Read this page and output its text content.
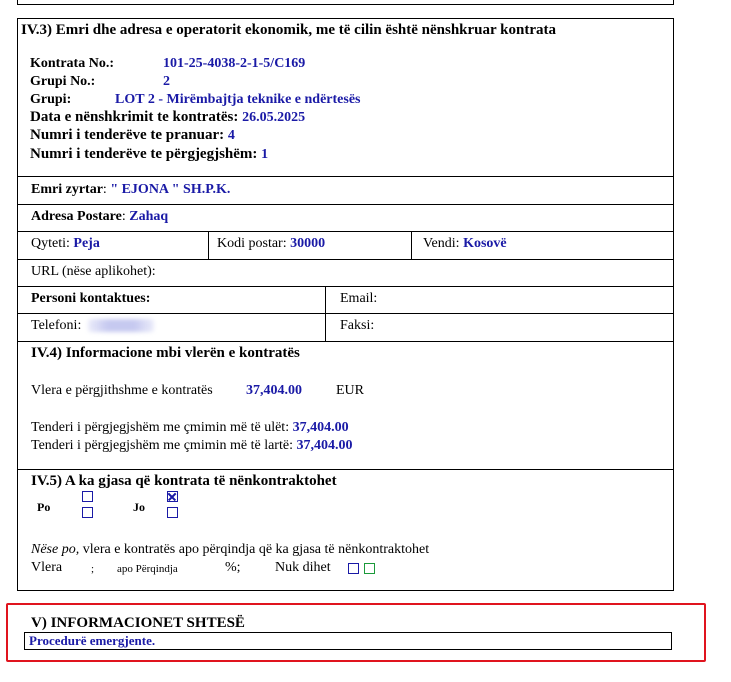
IV.3) Emri dhe adresa e operatorit ekonomik, me të cilin është nënshkruar kontrata
Kontrata No.:	101-25-4038-2-1-5/C169
Grupi No.:	2
Grupi:	LOT 2 - Mirëmbajtja teknike e ndërtesës
Data e nënshkrimit te kontratës: 26.05.2025
Numri i tenderëve te pranuar: 4
Numri i tenderëve te përgjegjshëm: 1
Emri zyrtar: " EJONA " SH.P.K.
Adresa Postare: Zahaq
Qyteti: Peja	Kodi postar: 30000	Vendi: Kosovë
URL (nëse aplikohet):
Personi kontaktues:	Email:
Telefoni:	Faksi:
IV.4) Informacione mbi vlerën e kontratës
Vlera e përgjithshme e kontratës 37,404.00 EUR
Tenderi i përgjegjshëm me çmimin më të ulët: 37,404.00
Tenderi i përgjegjshëm me çmimin më të lartë: 37,404.00
IV.5) A ka gjasa që kontrata të nënkontraktohet
Po	Jo
Nëse po, vlera e kontratës apo përqindja që ka gjasa të nënkontraktohet
Vlera	; apo Përqindja	%; Nuk dihet
V) INFORMACIONET SHTESË
Procedurë emergjente.
